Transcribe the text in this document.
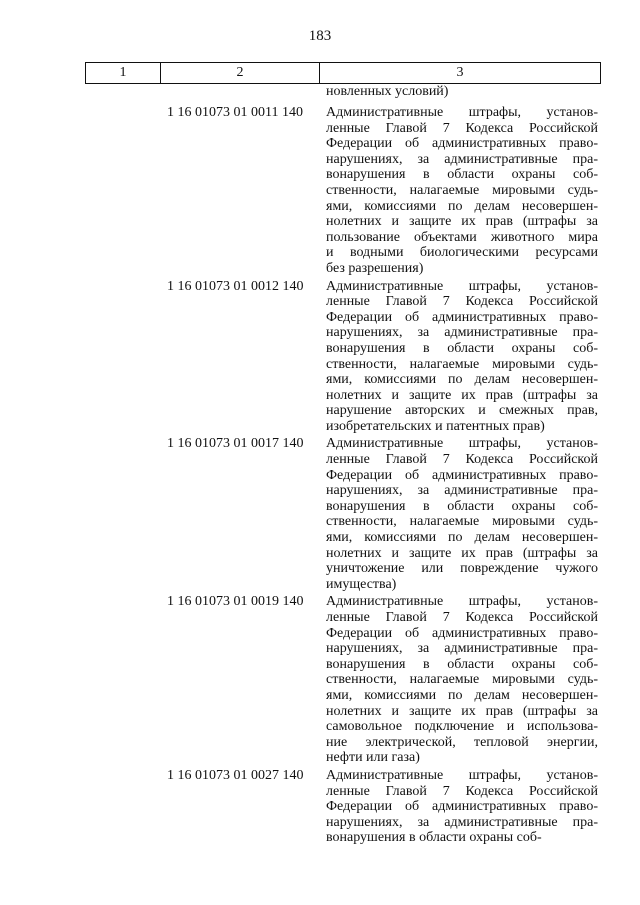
183
1	2	3
новленных условий)
1 16 01073 01 0011 140	Административные штрафы, установ-
ленные Главой 7 Кодекса Российской
Федерации об административных право-
нарушениях, за административные пра-
вонарушения в области охраны соб-
ственности, налагаемые мировыми судь-
ями, комиссиями по делам несовершен-
нолетних и защите их прав (штрафы за
пользование объектами животного мира
и водными биологическими ресурсами
без разрешения)
1 16 01073 01 0012 140	Административные штрафы, установ-
ленные Главой 7 Кодекса Российской
Федерации об административных право-
нарушениях, за административные пра-
вонарушения в области охраны соб-
ственности, налагаемые мировыми судь-
ями, комиссиями по делам несовершен-
нолетних и защите их прав (штрафы за
нарушение авторских и смежных прав,
изобретательских и патентных прав)
1 16 01073 01 0017 140	Административные штрафы, установ-
ленные Главой 7 Кодекса Российской
Федерации об административных право-
нарушениях, за административные пра-
вонарушения в области охраны соб-
ственности, налагаемые мировыми судь-
ями, комиссиями по делам несовершен-
нолетних и защите их прав (штрафы за
уничтожение или повреждение чужого
имущества)
1 16 01073 01 0019 140	Административные штрафы, установ-
ленные Главой 7 Кодекса Российской
Федерации об административных право-
нарушениях, за административные пра-
вонарушения в области охраны соб-
ственности, налагаемые мировыми судь-
ями, комиссиями по делам несовершен-
нолетних и защите их прав (штрафы за
самовольное подключение и использова-
ние электрической, тепловой энергии,
нефти или газа)
1 16 01073 01 0027 140	Административные штрафы, установ-
ленные Главой 7 Кодекса Российской
Федерации об административных право-
нарушениях, за административные пра-
вонарушения в области охраны соб-
